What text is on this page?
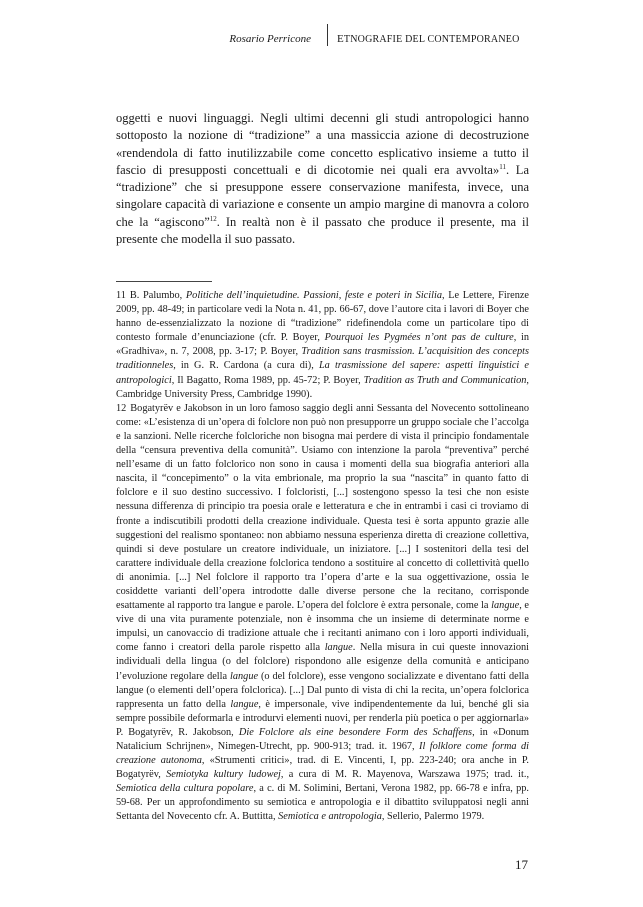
Rosario Perricone ETNOGRAFIE DEL CONTEMPORANEO

oggetti e nuovi linguaggi. Negli ultimi decenni gli studi antropologici hanno sottoposto la nozione di “tradizione” a una massiccia azione di decostruzione «rendendola di fatto inutilizzabile come concetto esplicativo insieme a tutto il fascio di presupposti concettuali e di dicotomie nei quali era avvolta»$^{11}$. La “tradizione” che si presuppone essere conservazione manifesta, invece, una singolare capacità di variazione e consente un ampio margine di manovra a coloro che la “agiscono”$^{12}$. In realtà non è il passato che produce il presente, ma il presente che modella il suo passato.

11 B. Palumbo, Politiche dell’inquietudine. Passioni, feste e poteri in Sicilia, Le Lettere, Firenze 2009, pp. 48-49; in particolare vedi la Nota n. 41, pp. 66-67, dove l’autore cita i lavori di Boyer che hanno de-essenzializzato la nozione di “tradizione” ridefinendola come un particolare tipo di contesto formale d’enunciazione (cfr. P. Boyer, Pourquoi les Pygmées n’ont pas de culture, in «Gradhiva», n. 7, 2008, pp. 3-17; P. Boyer, Tradition sans trasmission. L’acquisition des concepts traditionneles, in G. R. Cardona (a cura di), La trasmissione del sapere: aspetti linguistici e antropologici, Il Bagatto, Roma 1989, pp. 45-72; P. Boyer, Tradition as Truth and Communication, Cambridge University Press, Cambridge 1990).

12 Bogatyrëv e Jakobson in un loro famoso saggio degli anni Sessanta del Novecento sottolineano come: «L’esistenza di un’opera di folclore non può non presupporre un gruppo sociale che l’accolga e la sanzioni. Nelle ricerche folcloriche non bisogna mai perdere di vista il principio fondamentale della “censura preventiva della comunità”. Usiamo con intenzione la parola “preventiva” perché nell’esame di un fatto folclorico non sono in causa i momenti della sua biografia anteriori alla nascita, il “concepimento” o la vita embrionale, ma proprio la sua “nascita” in quanto fatto di folclore e il suo destino successivo. I folcloristi, [...] sostengono spesso la tesi che non esiste nessuna differenza di principio tra poesia orale e letteratura e che in entrambi i casi ci troviamo di fronte a indiscutibili prodotti della creazione individuale. Questa tesi è sorta appunto grazie alle suggestioni del realismo spontaneo: non abbiamo nessuna esperienza diretta di creazione collettiva, quindi si deve postulare un creatore individuale, un iniziatore. [...] I sostenitori della tesi del carattere individuale della creazione folclorica tendono a sostituire al concetto di collettività quello di anonimia. [...] Nel folclore il rapporto tra l’opera d’arte e la sua oggettivazione, ossia le cosiddette varianti dell’opera introdotte dalle diverse persone che la recitano, corrisponde esattamente al rapporto tra langue e parole. L’opera del folclore è extra personale, come la langue, e vive di una vita puramente potenziale, non è insomma che un insieme di determinate norme e impulsi, un canovaccio di tradizione attuale che i recitanti animano con i loro apporti individuali, come fanno i creatori della parole rispetto alla langue. Nella misura in cui queste innovazioni individuali della lingua (o del folclore) rispondono alle esigenze della comunità e anticipano l’evoluzione regolare della langue (o del folclore), esse vengono socializzate e diventano fatti della langue (o elementi dell’opera folclorica). [...] Dal punto di vista di chi la recita, un’opera folclorica rappresenta un fatto della langue, è impersonale, vive indipendentemente da lui, benché gli sia sempre possibile deformarla e introdurvi elementi nuovi, per renderla più poetica o per aggiornarla» P. Bogatyrëv, R. Jakobson, Die Folclore als eine besondere Form des Schaffens, in «Donum Natalicium Schrijnen», Nimegen-Utrecht, pp. 900-913; trad. it. 1967, Il folklore come forma di creazione autonoma, «Strumenti critici», trad. di E. Vincenti, I, pp. 223-240; ora anche in P. Bogatyrëv, Semiotyka kultury ludowej, a cura di M. R. Mayenova, Warszawa 1975; trad. it., Semiotica della cultura popolare, a c. di M. Solimini, Bertani, Verona 1982, pp. 66-78 e infra, pp. 59-68. Per un approfondimento su semiotica e antropologia e il dibattito sviluppatosi negli anni Settanta del Novecento cfr. A. Buttitta, Semiotica e antropologia, Sellerio, Palermo 1979.

17
